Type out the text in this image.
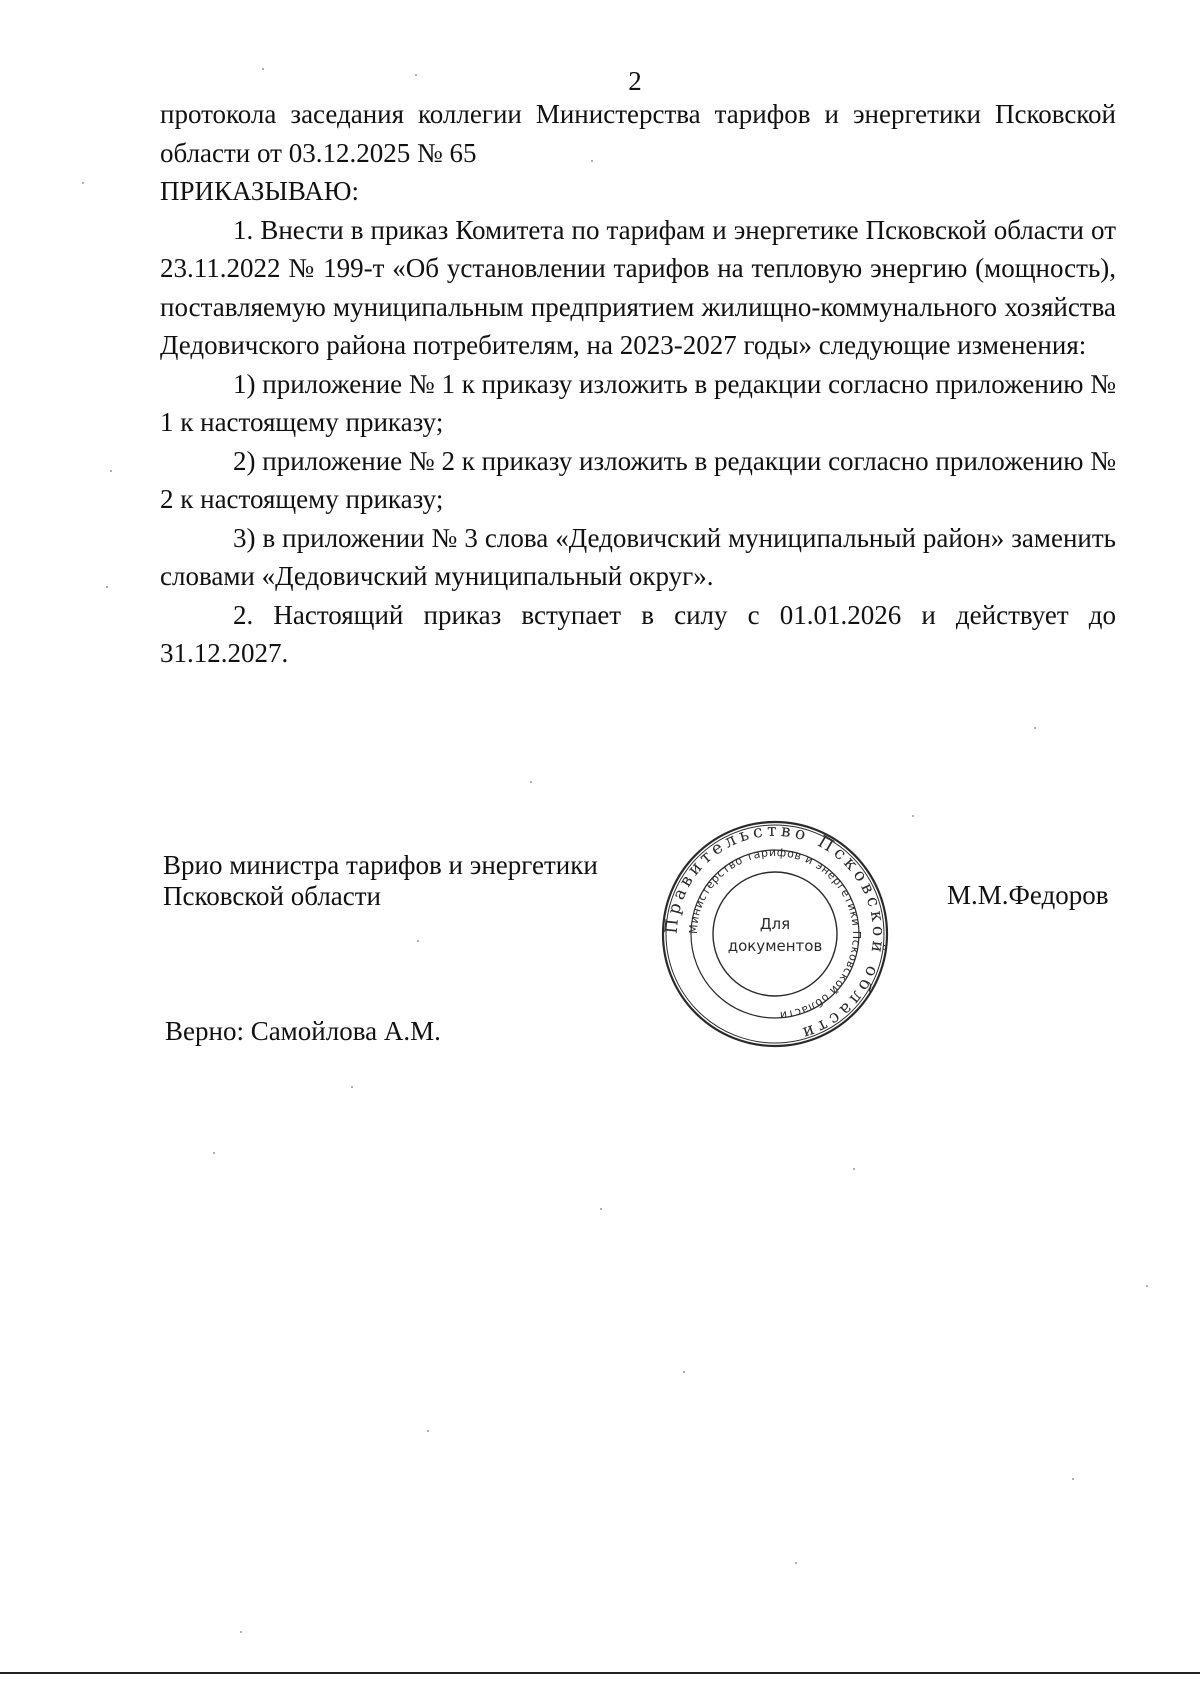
2

протокола заседания коллегии Министерства тарифов и энергетики Псковской области от 03.12.2025 № 65

ПРИКАЗЫВАЮ:

1. Внести в приказ Комитета по тарифам и энергетике Псковской области от 23.11.2022 № 199-т «Об установлении тарифов на тепловую энергию (мощность), поставляемую муниципальным предприятием жилищно-коммунального хозяйства Дедовичского района потребителям, на 2023-2027 годы» следующие изменения:

1) приложение № 1 к приказу изложить в редакции согласно приложению № 1 к настоящему приказу;

2) приложение № 2 к приказу изложить в редакции согласно приложению № 2 к настоящему приказу;

3) в приложении № 3 слова «Дедовичский муниципальный район» заменить словами «Дедовичский муниципальный округ».

2. Настоящий приказ вступает в силу с 01.01.2026 и действует до 31.12.2027.

Врио министра тарифов и энергетики
Псковской области
Правительство Псковской области
Министерство тарифов и энергетики Псковской области
Для
документов
М.М.Федоров
Верно: Самойлова А.М.
